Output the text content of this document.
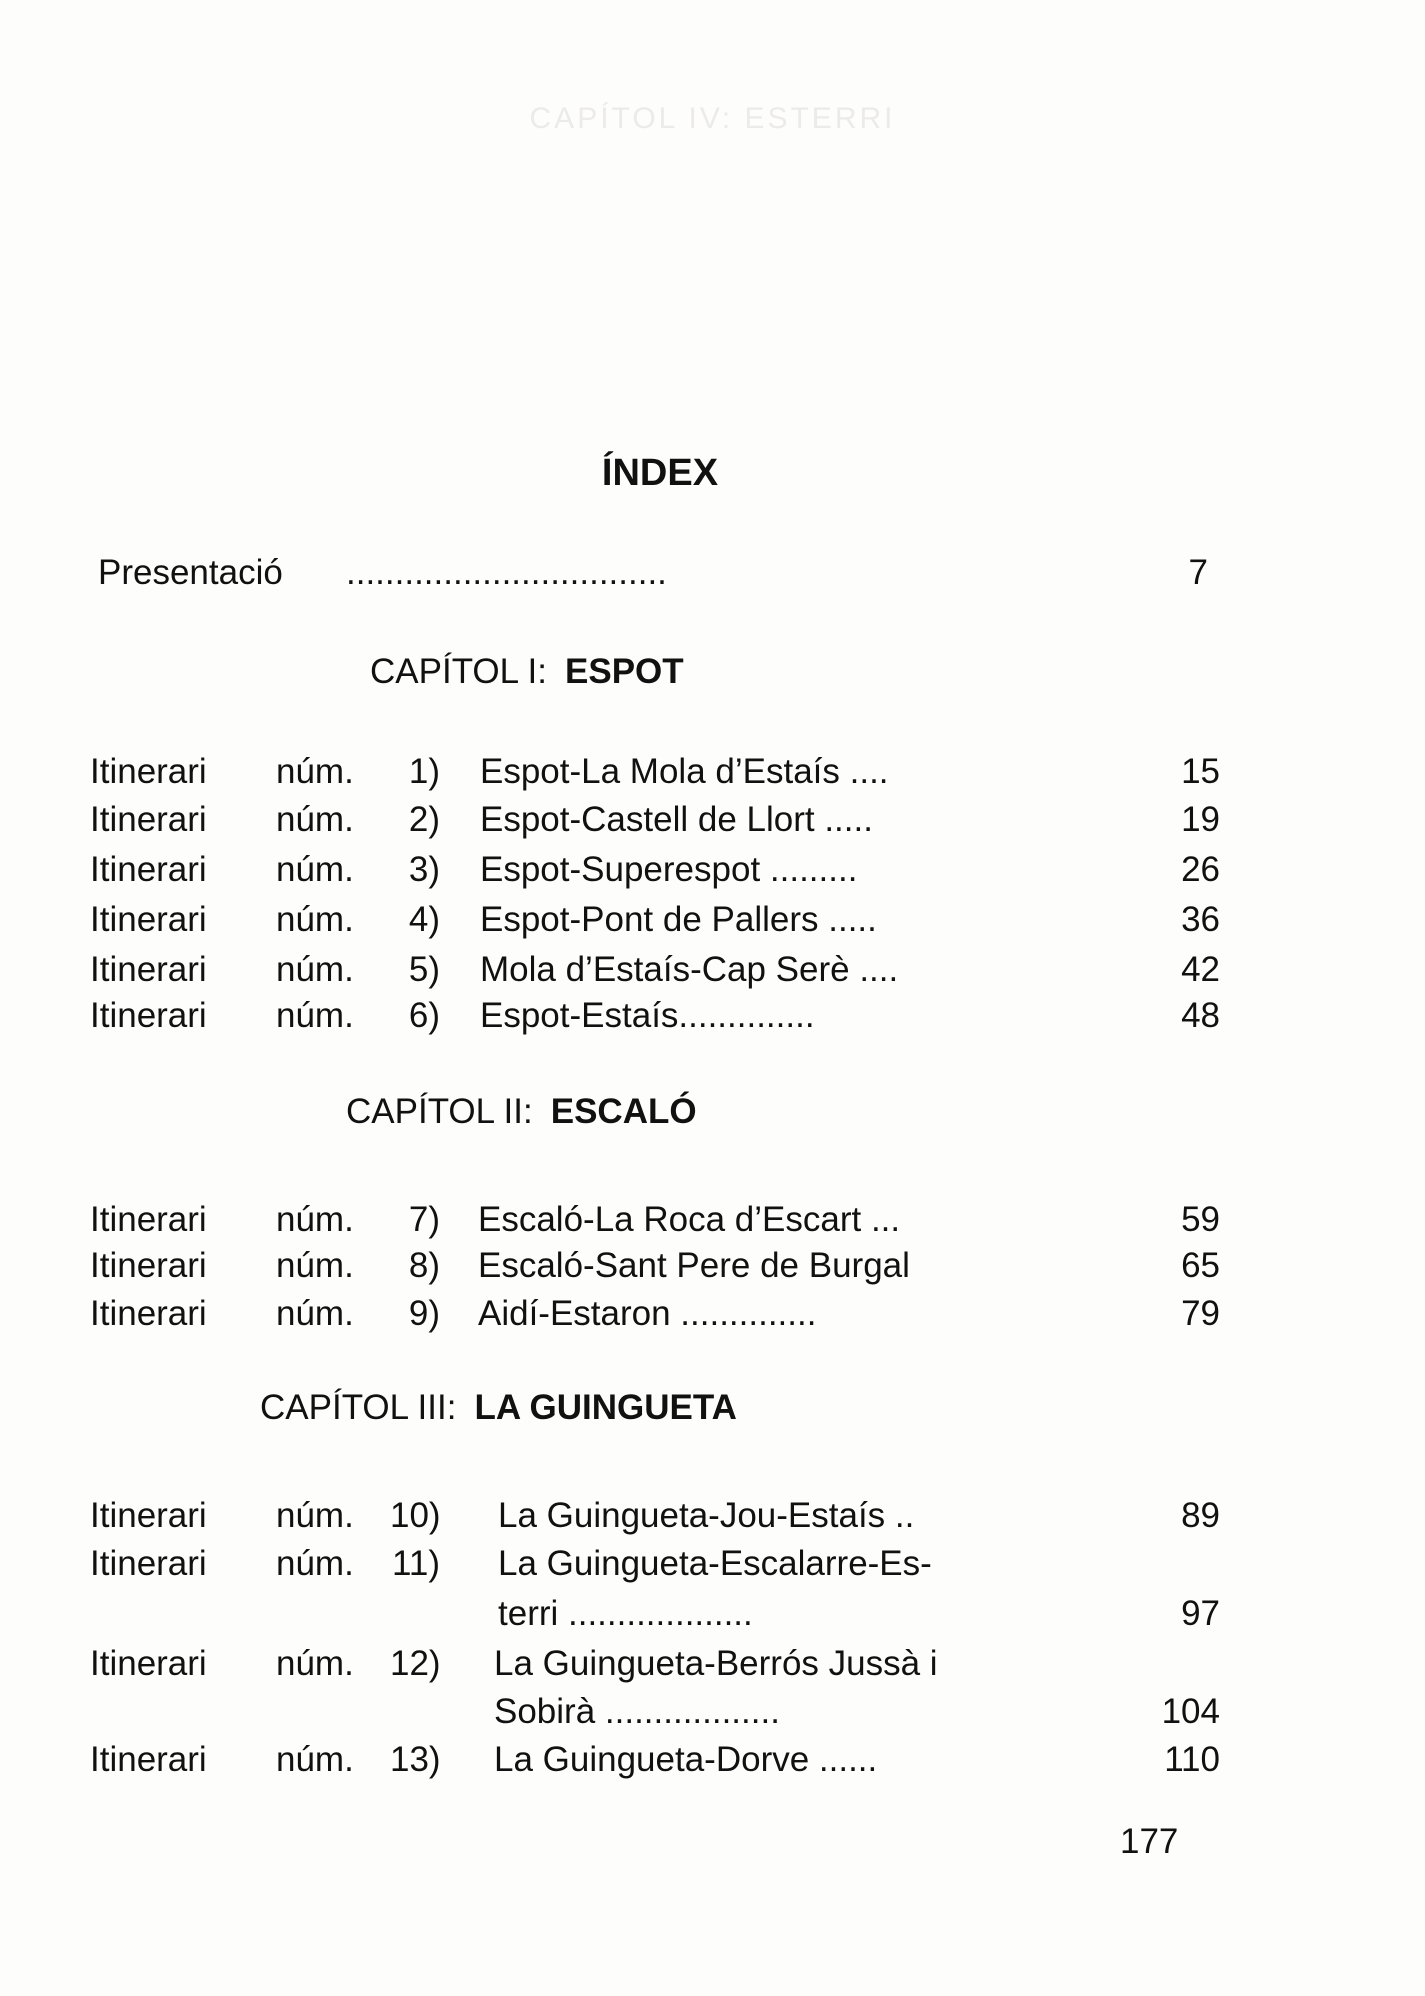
CAPÍTOL IV: ESTERRI
ÍNDEX
Presentació .................................	7
CAPÍTOL I: ESPOT
Itinerari núm.	1) Espot-La Mola d’Estaís ....	15
Itinerari núm.	2) Espot-Castell de Llort .....	19
Itinerari núm.	3) Espot-Superespot .........	26
Itinerari núm.	4) Espot-Pont de Pallers .....	36
Itinerari núm.	5) Mola d’Estaís-Cap Serè ....	42
Itinerari núm.	6) Espot-Estaís..............	48
CAPÍTOL II: ESCALÓ
Itinerari núm.	7) Escaló-La Roca d’Escart ...	59
Itinerari núm.	8) Escaló-Sant Pere de Burgal	65
Itinerari núm.	9) Aidí-Estaron ..............	79
CAPÍTOL III: LA GUINGUETA
Itinerari núm. 10) La Guingueta-Jou-Estaís ..	89
Itinerari núm. 11) La Guingueta-Escalarre-Es-
terri ...................	97
Itinerari núm. 12) La Guingueta-Berrós Jussà i
Sobirà ..................	104
Itinerari núm. 13) La Guingueta-Dorve ......	110
177
